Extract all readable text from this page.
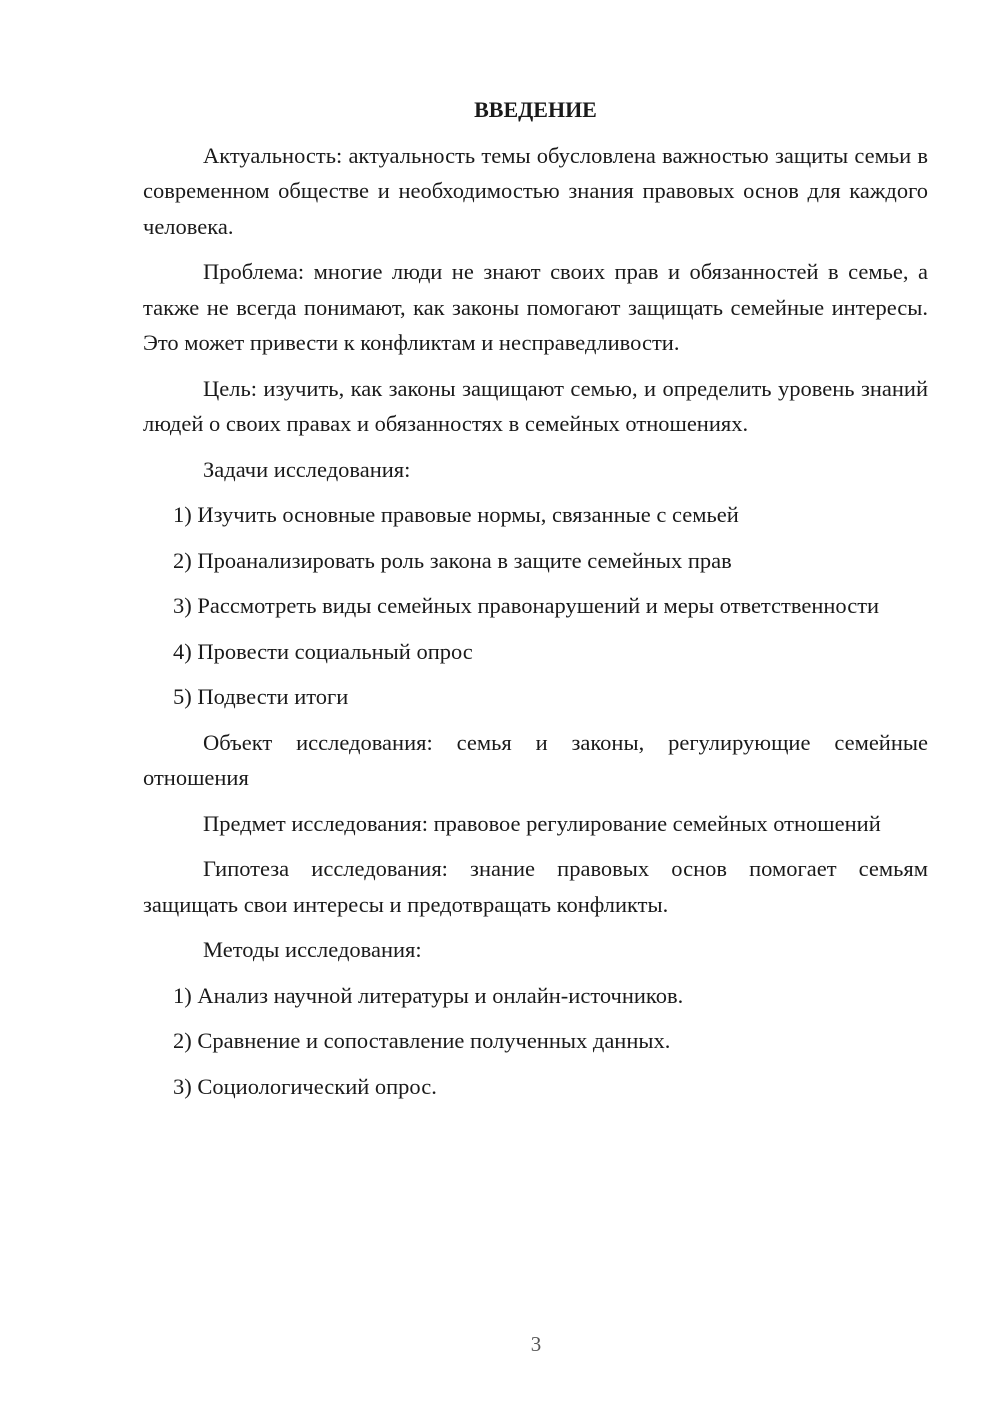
ВВЕДЕНИЕ

Актуальность: актуальность темы обусловлена важностью защиты семьи в современном обществе и необходимостью знания правовых основ для каждого человека.

Проблема: многие люди не знают своих прав и обязанностей в семье, а также не всегда понимают, как законы помогают защищать семейные интересы. Это может привести к конфликтам и несправедливости.

Цель: изучить, как законы защищают семью, и определить уровень знаний людей о своих правах и обязанностях в семейных отношениях.

Задачи исследования:

1) Изучить основные правовые нормы, связанные с семьей

2) Проанализировать роль закона в защите семейных прав

3) Рассмотреть виды семейных правонарушений и меры ответственности

4) Провести социальный опрос

5) Подвести итоги

Объект исследования: семья и законы, регулирующие семейные отношения

Предмет исследования: правовое регулирование семейных отношений

Гипотеза исследования: знание правовых основ помогает семьям защищать свои интересы и предотвращать конфликты.

Методы исследования:

1) Анализ научной литературы и онлайн-источников.

2) Сравнение и сопоставление полученных данных.

3) Социологический опрос.

3
